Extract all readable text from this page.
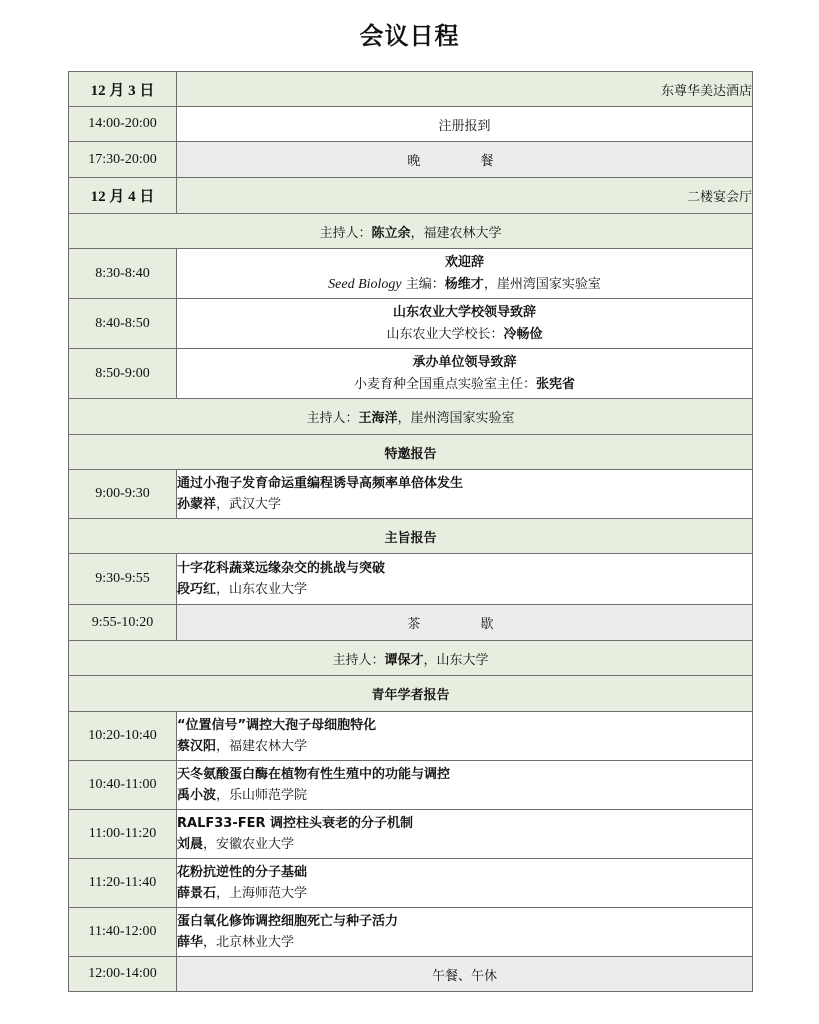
会议日程
12 月 3 日	东尊华美达酒店
14:00-20:00	注册报到
17:30-20:00	晚 餐
12 月 4 日	二楼宴会厅
主持人：陈立余，福建农林大学	
8:30-8:40	欢迎辞
Seed Biology 主编：杨维才，崖州湾国家实验室

8:40-8:50	山东农业大学校领导致辞
山东农业大学校长：冷畅俭

8:50-9:00	承办单位领导致辞
小麦育种全国重点实验室主任：张宪省

主持人：王海洋，崖州湾国家实验室	
特邀报告	
9:00-9:30	通过小孢子发育命运重编程诱导高频率单倍体发生
孙蒙祥，武汉大学

主旨报告	
9:30-9:55	十字花科蔬菜远缘杂交的挑战与突破
段巧红，山东农业大学

9:55-10:20	茶 歇
主持人：谭保才，山东大学	
青年学者报告	
10:20-10:40	“位置信号”调控大孢子母细胞特化
蔡汉阳，福建农林大学

10:40-11:00	天冬氨酸蛋白酶在植物有性生殖中的功能与调控
禹小波，乐山师范学院

11:00-11:20	RALF33-FER 调控柱头衰老的分子机制
刘晨，安徽农业大学

11:20-11:40	花粉抗逆性的分子基础
薛景石，上海师范大学

11:40-12:00	蛋白氧化修饰调控细胞死亡与种子活力
薛华，北京林业大学

12:00-14:00	午餐、午休
